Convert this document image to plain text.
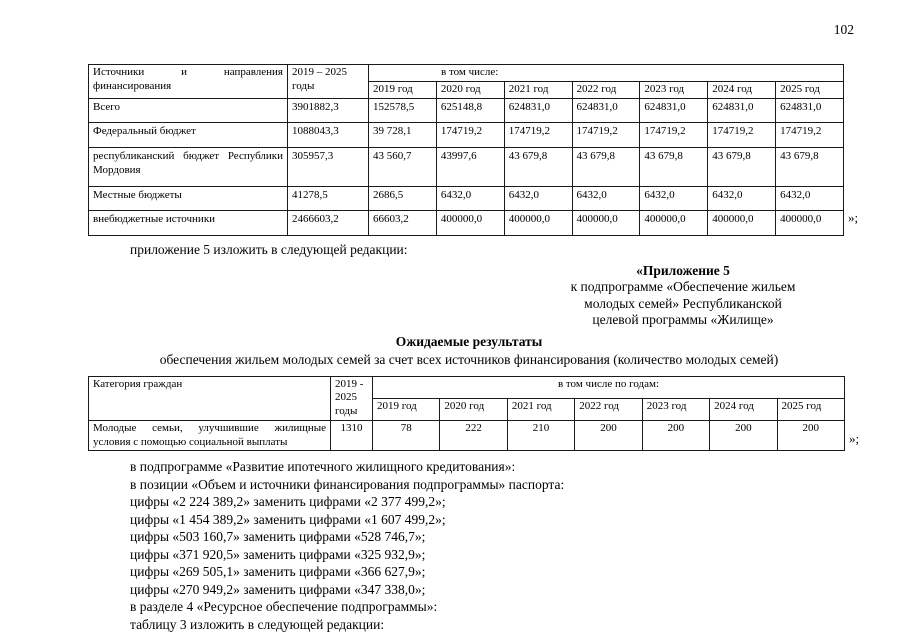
102
Источники и направления финансирования	2019 – 2025 годы	в том числе:						
		2019 год	2020 год	2021 год	2022 год	2023 год	2024 год	2025 год
Всего	3901882,3	152578,5	625148,8	624831,0	624831,0	624831,0	624831,0	624831,0
Федеральный бюджет	1088043,3	39 728,1	174719,2	174719,2	174719,2	174719,2	174719,2	174719,2
республиканский бюджет Республики Мордовия	305957,3	43 560,7	43997,6	43 679,8	43 679,8	43 679,8	43 679,8	43 679,8
Местные бюджеты	41278,5	2686,5	6432,0	6432,0	6432,0	6432,0	6432,0	6432,0
внебюджетные источники	2466603,2	66603,2	400000,0	400000,0	400000,0	400000,0	400000,0	400000,0 »;
приложение 5 изложить в следующей редакции:
«Приложение 5
к подпрограмме «Обеспечение жильем
молодых семей» Республиканской
целевой программы «Жилище»
Ожидаемые результаты
обеспечения жильем молодых семей за счет всех источников финансирования (количество молодых семей)
Категория граждан	2019 - 2025 годы	в том числе по годам:						
		2019 год	2020 год	2021 год	2022 год	2023 год	2024 год	2025 год
Молодые семьи, улучшившие жилищные условия с помощью социальной выплаты	1310	78	222	210	200	200	200	200
»;
в подпрограмме «Развитие ипотечного жилищного кредитования»:
в позиции «Объем и источники финансирования подпрограммы» паспорта:
цифры «2 224 389,2» заменить цифрами «2 377 499,2»;
цифры «1 454 389,2» заменить цифрами «1 607 499,2»;
цифры «503 160,7» заменить цифрами «528 746,7»;
цифры «371 920,5» заменить цифрами «325 932,9»;
цифры «269 505,1» заменить цифрами «366 627,9»;
цифры «270 949,2» заменить цифрами «347 338,0»;
в разделе 4 «Ресурсное обеспечение подпрограммы»:
таблицу 3 изложить в следующей редакции:
